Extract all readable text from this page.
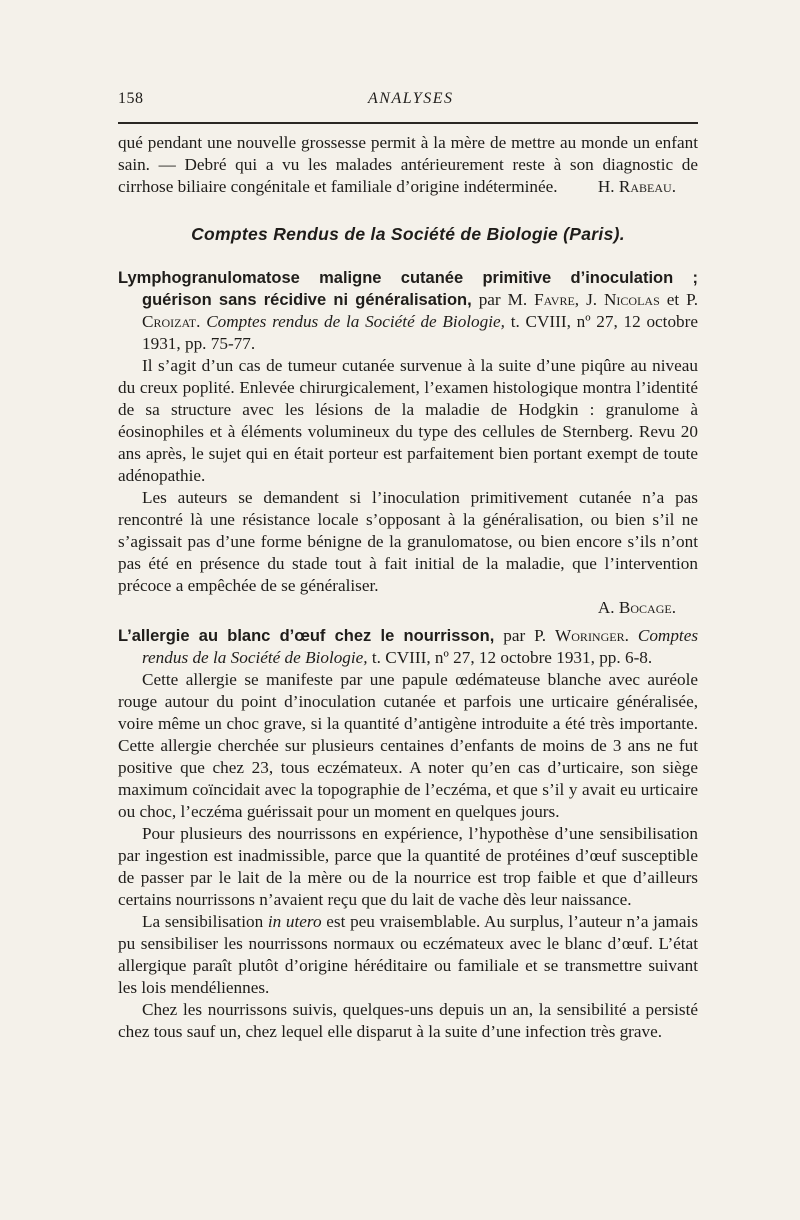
158	ANALYSES

qué pendant une nouvelle grossesse permit à la mère de mettre au monde un enfant sain. — Debré qui a vu les malades antérieurement reste à son diagnostic de cirrhose biliaire congénitale et familiale d’origine indéterminée.	H. Rabeau.
Comptes Rendus de la Société de Biologie (Paris).

Lymphogranulomatose maligne cutanée primitive d’inoculation ; guérison sans récidive ni généralisation, par M. Favre, J. Nicolas et P. Croizat. Comptes rendus de la Société de Biologie, t. CVIII, nº 27, 12 octobre 1931, pp. 75-77.

Il s’agit d’un cas de tumeur cutanée survenue à la suite d’une piqûre au niveau du creux poplité. Enlevée chirurgicalement, l’examen histologique montra l’identité de sa structure avec les lésions de la maladie de Hodgkin : granulome à éosinophiles et à éléments volumineux du type des cellules de Sternberg. Revu 20 ans après, le sujet qui en était porteur est parfaitement bien portant exempt de toute adénopathie.

Les auteurs se demandent si l’inoculation primitivement cutanée n’a pas rencontré là une résistance locale s’opposant à la généralisation, ou bien s’il ne s’agissait pas d’une forme bénigne de la granulomatose, ou bien encore s’ils n’ont pas été en présence du stade tout à fait initial de la maladie, que l’intervention précoce a empêchée de se généraliser.

A. Bocage.

L’allergie au blanc d’œuf chez le nourrisson, par P. Woringer. Comptes rendus de la Société de Biologie, t. CVIII, nº 27, 12 octobre 1931, pp. 6-8.

Cette allergie se manifeste par une papule œdémateuse blanche avec auréole rouge autour du point d’inoculation cutanée et parfois une urticaire généralisée, voire même un choc grave, si la quantité d’antigène introduite a été très importante. Cette allergie cherchée sur plusieurs centaines d’enfants de moins de 3 ans ne fut positive que chez 23, tous eczémateux. A noter qu’en cas d’urticaire, son siège maximum coïncidait avec la topographie de l’eczéma, et que s’il y avait eu urticaire ou choc, l’eczéma guérissait pour un moment en quelques jours.

Pour plusieurs des nourrissons en expérience, l’hypothèse d’une sensibilisation par ingestion est inadmissible, parce que la quantité de protéines d’œuf susceptible de passer par le lait de la mère ou de la nourrice est trop faible et que d’ailleurs certains nourrissons n’avaient reçu que du lait de vache dès leur naissance.

La sensibilisation in utero est peu vraisemblable. Au surplus, l’auteur n’a jamais pu sensibiliser les nourrissons normaux ou eczémateux avec le blanc d’œuf. L’état allergique paraît plutôt d’origine héréditaire ou familiale et se transmettre suivant les lois mendéliennes.

Chez les nourrissons suivis, quelques-uns depuis un an, la sensibilité a persisté chez tous sauf un, chez lequel elle disparut à la suite d’une infection très grave.
